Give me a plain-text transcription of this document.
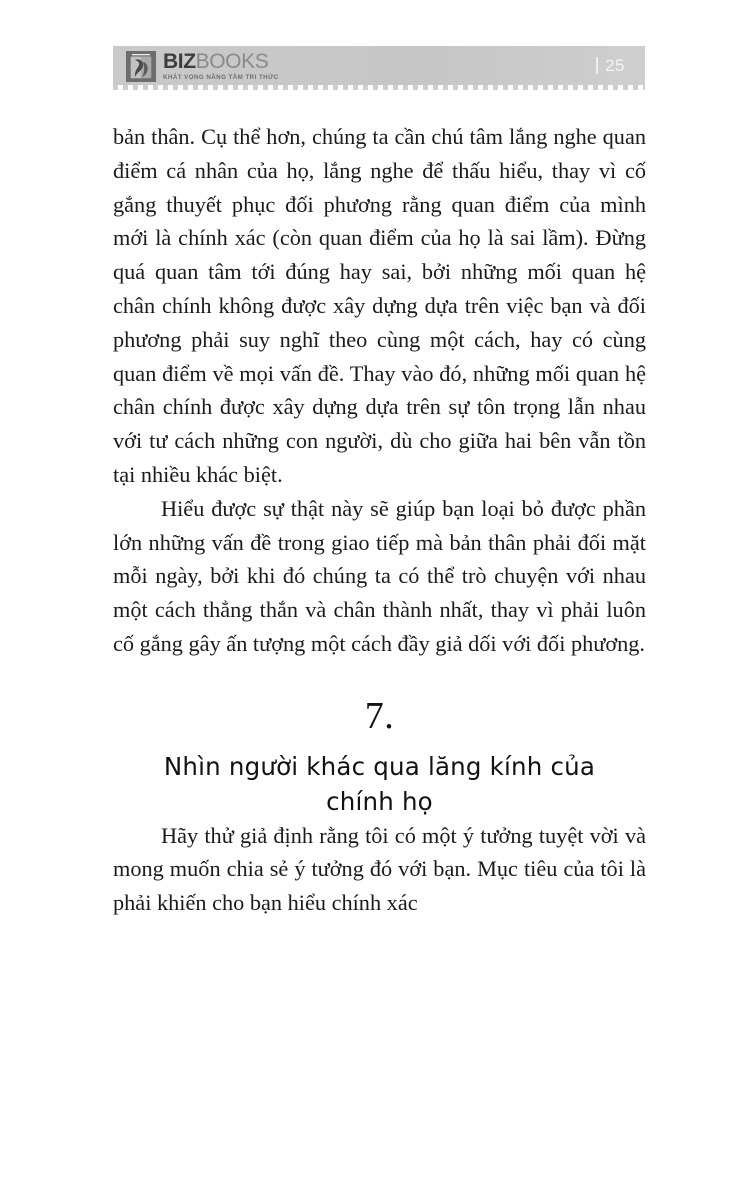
BIZBOOKS
KHÁT VỌNG NÂNG TẦM TRI THỨC
25

bản thân. Cụ thể hơn, chúng ta cần chú tâm lắng nghe quan điểm cá nhân của họ, lắng nghe để thấu hiểu, thay vì cố gắng thuyết phục đối phương rằng quan điểm của mình mới là chính xác (còn quan điểm của họ là sai lầm). Đừng quá quan tâm tới đúng hay sai, bởi những mối quan hệ chân chính không được xây dựng dựa trên việc bạn và đối phương phải suy nghĩ theo cùng một cách, hay có cùng quan điểm về mọi vấn đề. Thay vào đó, những mối quan hệ chân chính được xây dựng dựa trên sự tôn trọng lẫn nhau với tư cách những con người, dù cho giữa hai bên vẫn tồn tại nhiều khác biệt.

Hiểu được sự thật này sẽ giúp bạn loại bỏ được phần lớn những vấn đề trong giao tiếp mà bản thân phải đối mặt mỗi ngày, bởi khi đó chúng ta có thể trò chuyện với nhau một cách thẳng thắn và chân thành nhất, thay vì phải luôn cố gắng gây ấn tượng một cách đầy giả dối với đối phương.

7.
Nhìn người khác qua lăng kính của chính họ

Hãy thử giả định rằng tôi có một ý tưởng tuyệt vời và mong muốn chia sẻ ý tưởng đó với bạn. Mục tiêu của tôi là phải khiến cho bạn hiểu chính xác
